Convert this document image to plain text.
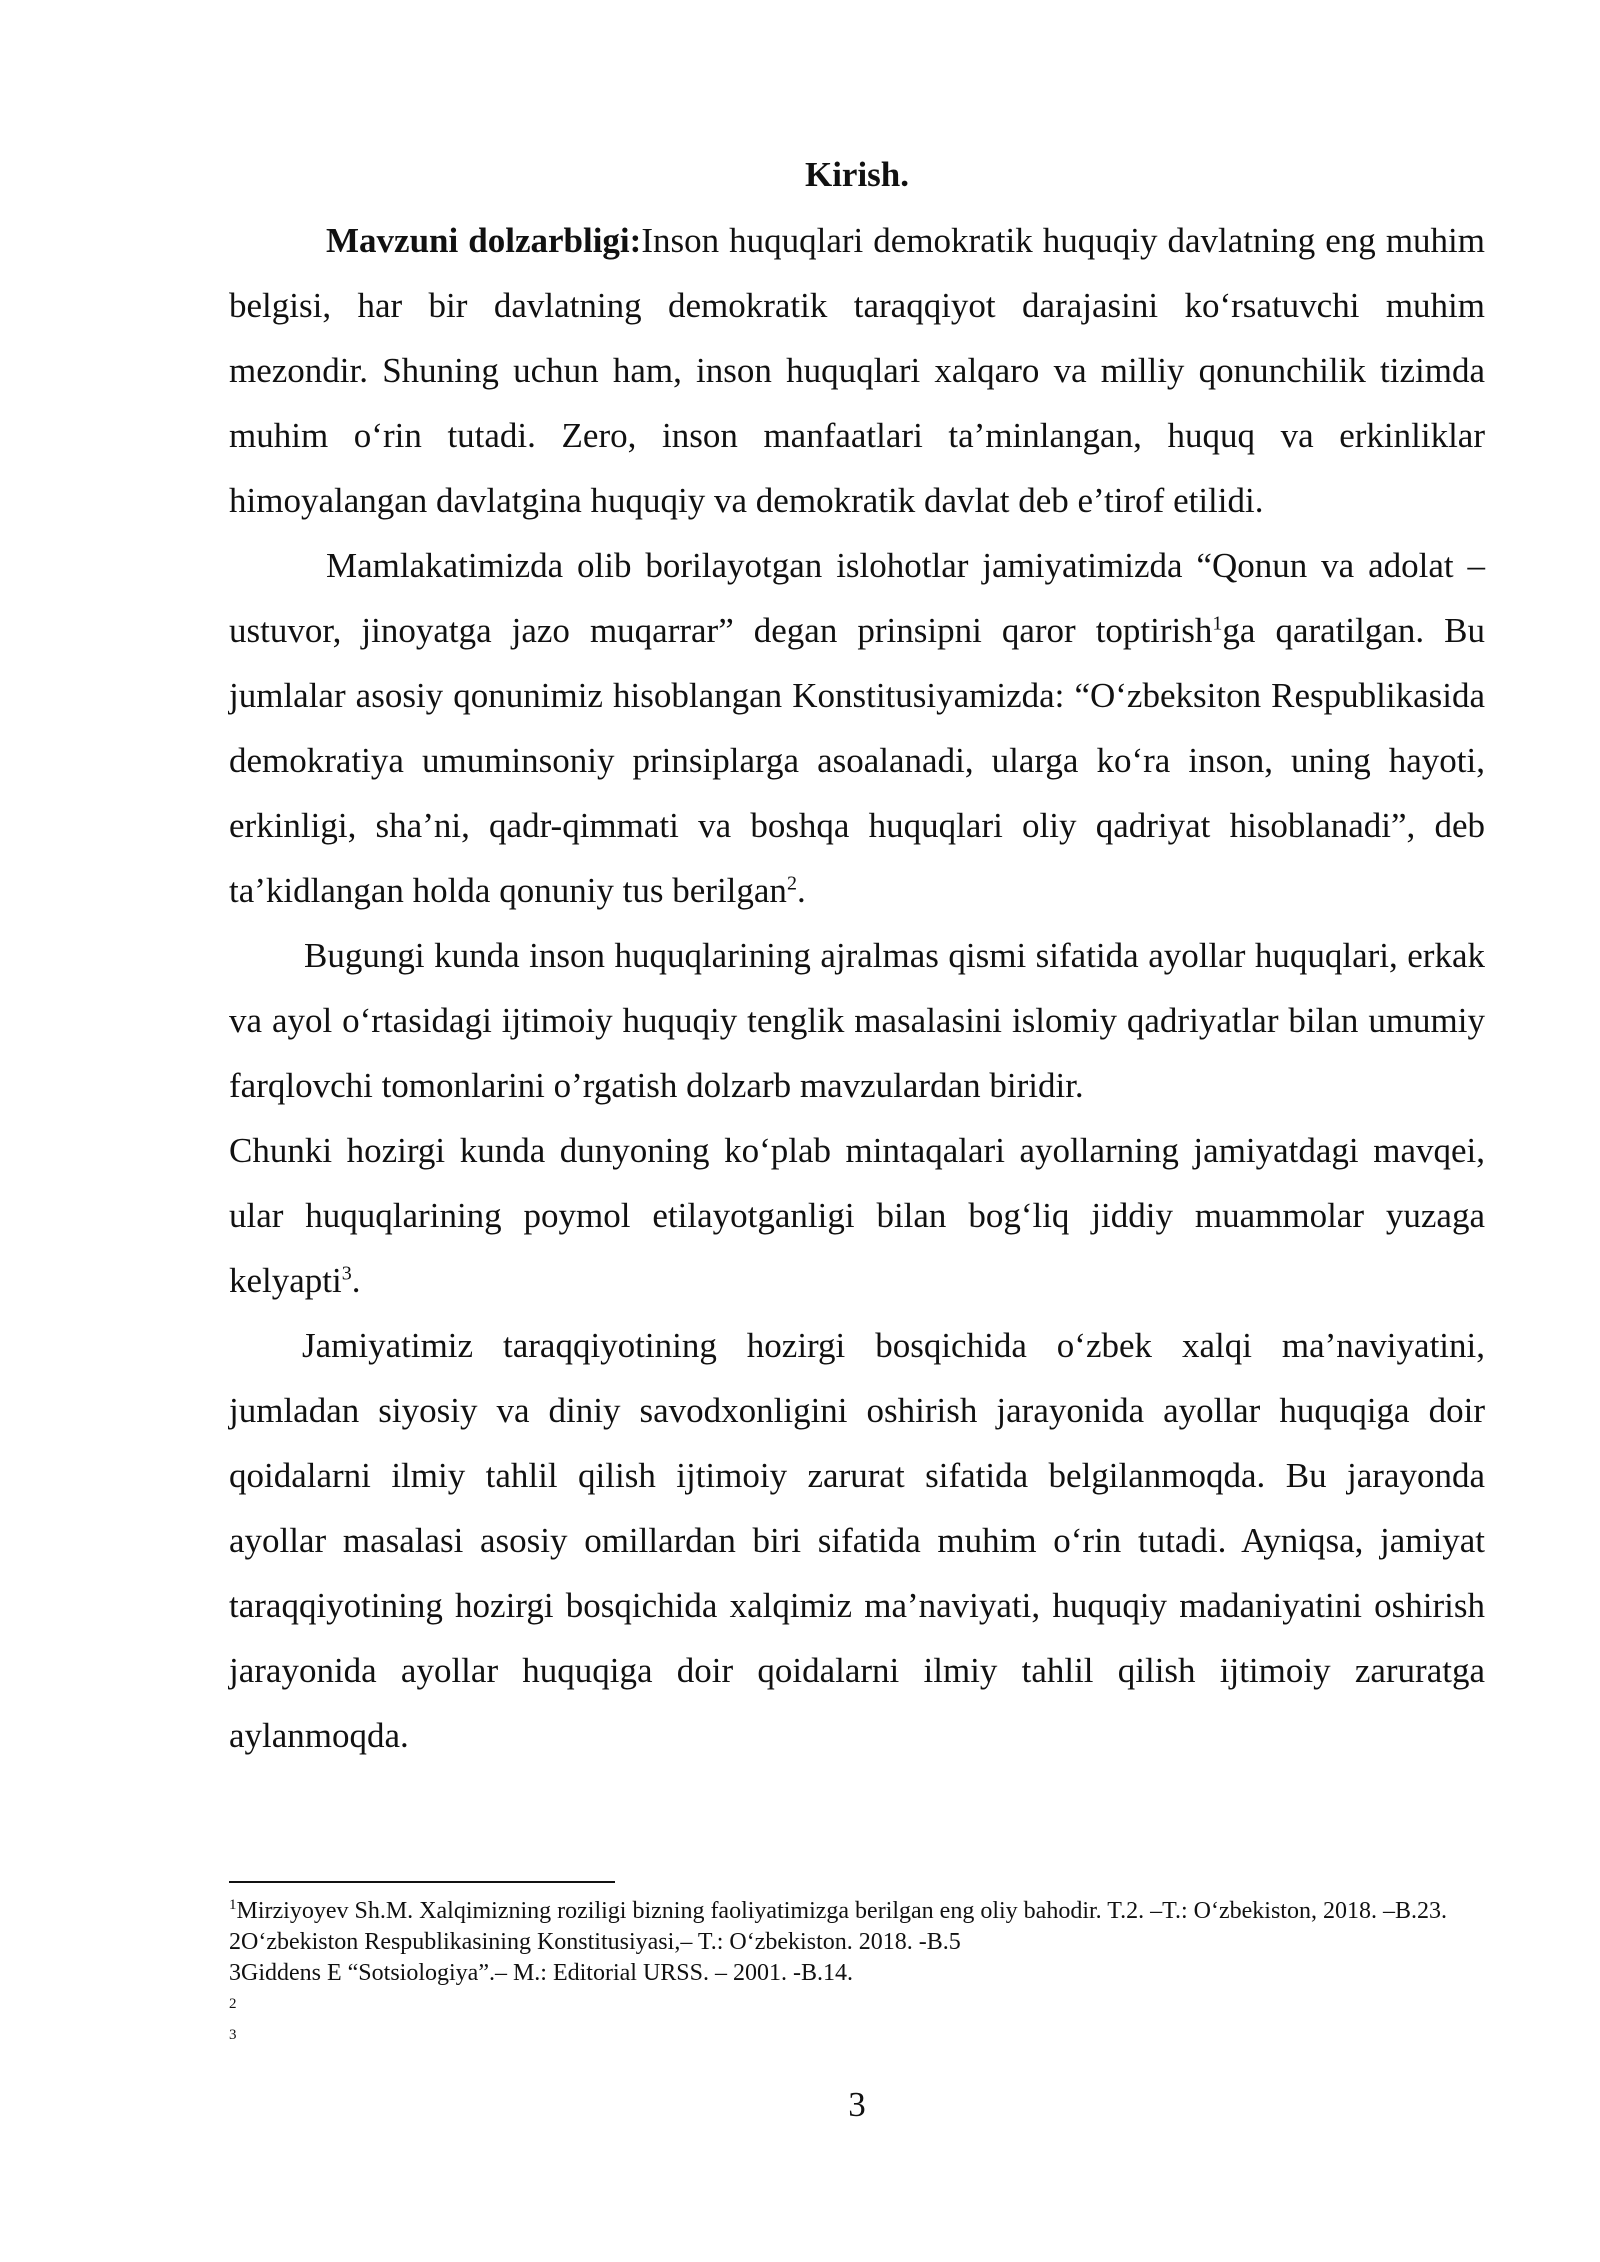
Kirish.

Mavzuni dolzarbligi:Inson huquqlari demokratik huquqiy davlatning eng muhim belgisi, har bir davlatning demokratik taraqqiyot darajasini koʻrsatuvchi muhim mezondir. Shuning uchun ham, inson huquqlari xalqaro va milliy qonunchilik tizimda muhim oʻrin tutadi. Zero, inson manfaatlari ta’minlangan, huquq va erkinliklar himoyalangan davlatgina huquqiy va demokratik davlat deb e’tirof etilidi.

Mamlakatimizda olib borilayotgan islohotlar jamiyatimizda “Qonun va adolat – ustuvor, jinoyatga jazo muqarrar” degan prinsipni qaror toptirish$^1$ga qaratilgan. Bu jumlalar asosiy qonunimiz hisoblangan Konstitusiyamizda: “Oʻzbeksiton Respublikasida demokratiya umuminsoniy prinsiplarga asoalanadi, ularga koʻra inson, uning hayoti, erkinligi, sha’ni, qadr-qimmati va boshqa huquqlari oliy qadriyat hisoblanadi”, deb ta’kidlangan holda qonuniy tus berilgan$^2$.

Bugungi kunda inson huquqlarining ajralmas qismi sifatida ayollar huquqlari, erkak va ayol oʻrtasidagi ijtimoiy huquqiy tenglik masalasini islomiy qadriyatlar bilan umumiy farqlovchi tomonlarini o’rgatish dolzarb mavzulardan biridir.

Chunki hozirgi kunda dunyoning koʻplab mintaqalari ayollarning jamiyatdagi mavqei, ular huquqlarining poymol etilayotganligi bilan bogʻliq jiddiy muammolar yuzaga kelyapti$^3$.

Jamiyatimiz taraqqiyotining hozirgi bosqichida oʻzbek xalqi ma’naviyatini, jumladan siyosiy va diniy savodxonligini oshirish jarayonida ayollar huquqiga doir qoidalarni ilmiy tahlil qilish ijtimoiy zarurat sifatida belgilanmoqda. Bu jarayonda ayollar masalasi asosiy omillardan biri sifatida muhim oʻrin tutadi. Ayniqsa, jamiyat taraqqiyotining hozirgi bosqichida xalqimiz ma’naviyati, huquqiy madaniyatini oshirish jarayonida ayollar huquqiga doir qoidalarni ilmiy tahlil qilish ijtimoiy zaruratga aylanmoqda.

$^1$Mirziyoyev Sh.M. Xalqimizning roziligi bizning faoliyatimizga berilgan eng oliy bahodir. T.2. –T.: Oʻzbekiston, 2018. –B.23.

2Oʻzbekiston Respublikasining Konstitusiyasi,– T.: Oʻzbekiston. 2018. -B.5

3Giddens E “Sotsiologiya”.– M.: Editorial URSS. – 2001. -B.14.

2
3
3
